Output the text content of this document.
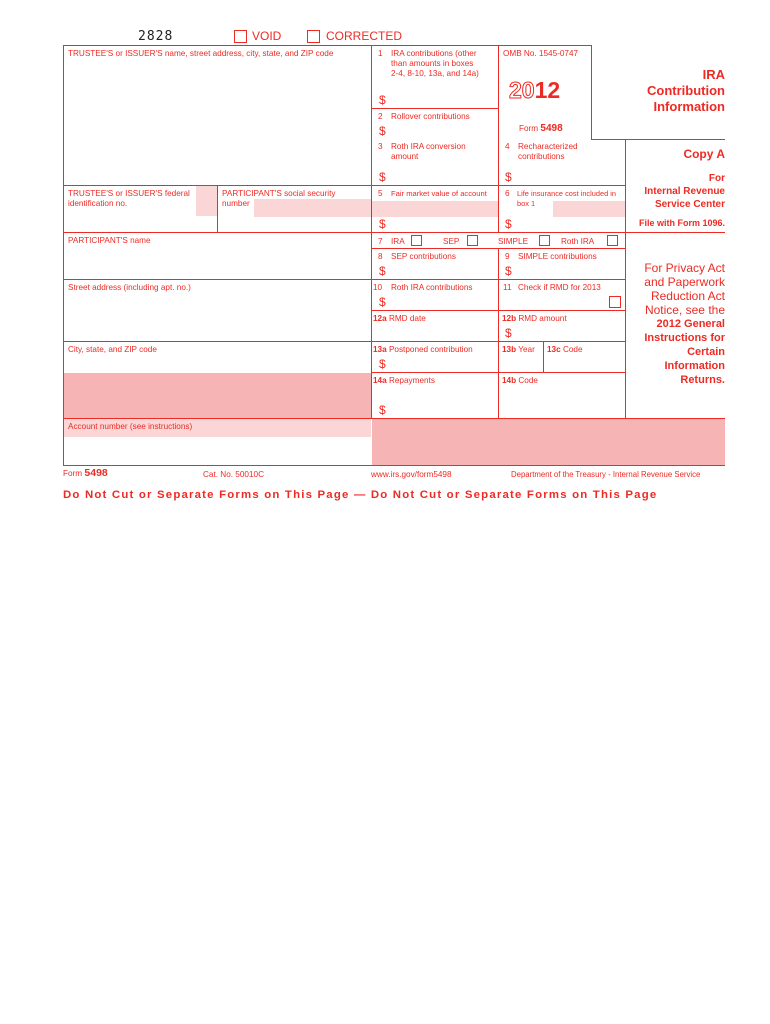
2828	VOID	CORRECTED
TRUSTEE'S or ISSUER'S name, street address, city, state, and ZIP code
TRUSTEE'S or ISSUER'S federal
identification no.
PARTICIPANT'S social security
number
PARTICIPANT'S name
Street address (including apt. no.)
City, state, and ZIP code
Account number (see instructions)
1 IRA contributions (other
than amounts in boxes
2-4, 8-10, 13a, and 14a)
$
OMB No. 1545-0747
2012
2 Rollover contributions
$	Form 5498
3 Roth IRA conversion
amount
$
4 Recharacterized
contributions
$
5 Fair market value of account
$
6 Life insurance cost included in
box 1
$
7 IRA	SEP	SIMPLE	Roth IRA
8 SEP contributions
$
9 SIMPLE contributions
$
10 Roth IRA contributions
$
11 Check if RMD for 2013
12a RMD date	12b RMD amount
$
13a Postponed contribution
$
13b Year 13c Code
14a Repayments
$
14b Code
IRA
Contribution
Information
Copy A
For
Internal Revenue
Service Center
File with Form 1096.
For Privacy Act
and Paperwork
Reduction Act
Notice, see the
2012 General
Instructions for
Certain
Information
Returns.
Form 5498	Cat. No. 50010C	www.irs.gov/form5498	Department of the Treasury - Internal Revenue Service
Do Not Cut or Separate Forms on This Page — Do Not Cut or Separate Forms on This Page
